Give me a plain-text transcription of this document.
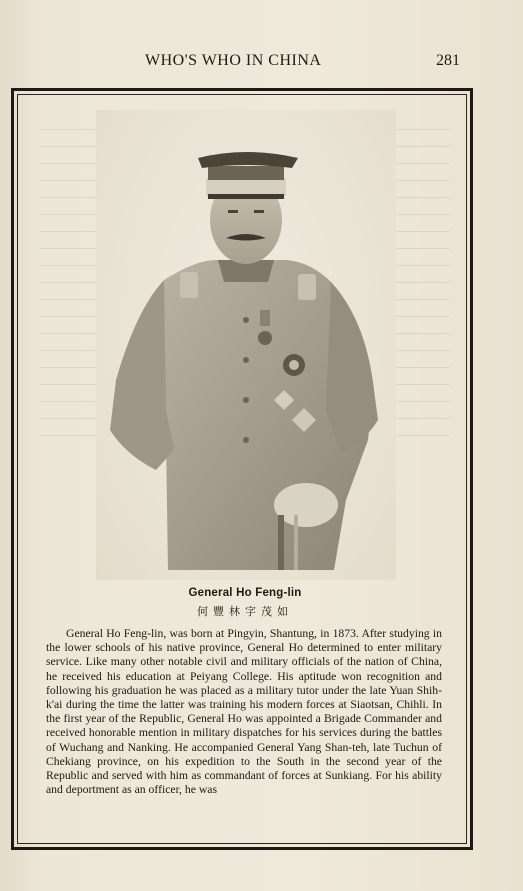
WHO'S WHO IN CHINA	281
General Ho Feng-lin
何豐林字茂如

General Ho Feng-lin, was born at Pingyin, Shantung, in 1873. After studying in the lower schools of his native province, General Ho determined to enter military service. Like many other notable civil and military officials of the nation of China, he received his education at Peiyang College. His aptitude won recognition and following his graduation he was placed as a military tutor under the late Yuan Shih-k'ai during the time the latter was training his modern forces at Siaotsan, Chihli. In the first year of the Republic, General Ho was appointed a Brigade Commander and received honorable mention in military dispatches for his services during the battles of Wuchang and Nanking. He accompanied General Yang Shan-teh, late Tuchun of Chekiang province, on his expedition to the South in the second year of the Republic and served with him as commandant of forces at Sunkiang. For his ability and deportment as an officer, he was
